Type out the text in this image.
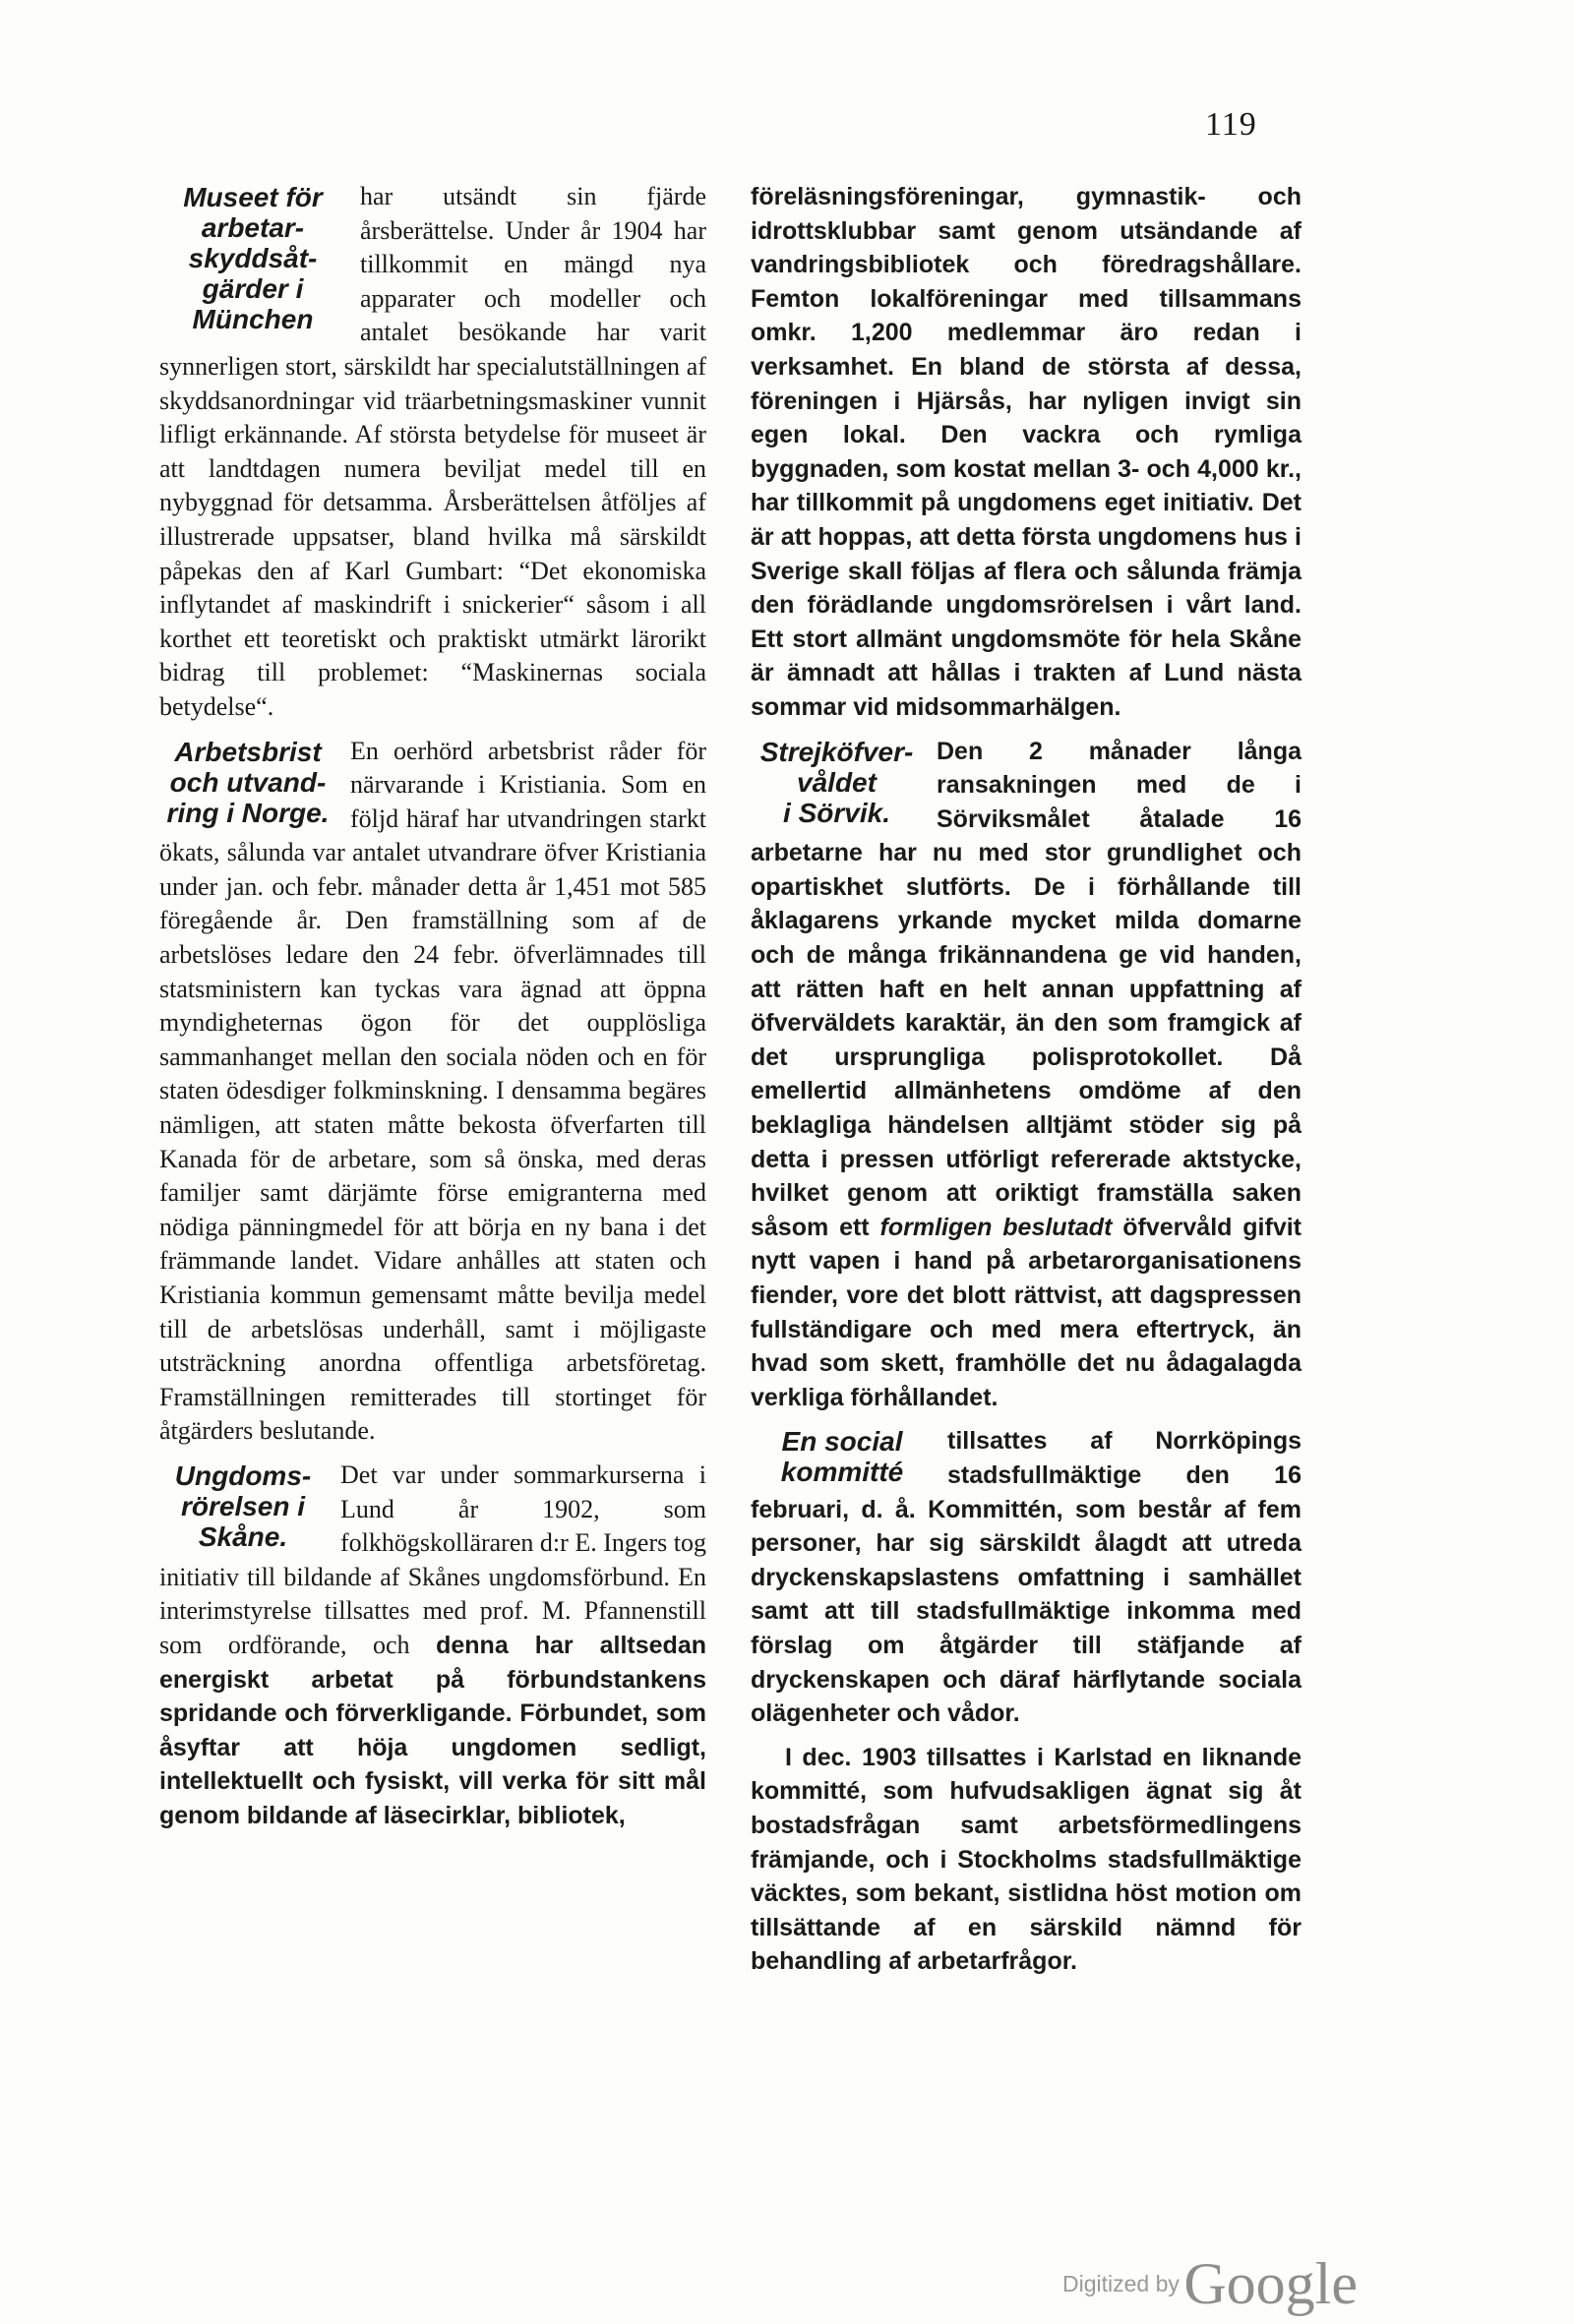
119
Museet för
arbetar-
skyddsåt-
gärder i
München
har utsändt sin fjärde årsberättelse. Under år 1904 har tillkommit en mängd nya apparater och modeller och antalet besökande har varit synnerligen stort, särskildt har specialutställningen af skyddsanordningar vid träarbetningsmaskiner vunnit lifligt erkännande. Af största betydelse för museet är att landtdagen numera beviljat medel till en nybyggnad för detsamma. Årsberättelsen åtföljes af illustrerade uppsatser, bland hvilka må särskildt påpekas den af Karl Gumbart: “Det ekonomiska inflytandet af maskindrift i snickerier“ såsom i all korthet ett teoretiskt och praktiskt utmärkt lärorikt bidrag till problemet: “Maskinernas sociala betydelse“.
Arbetsbrist
och utvand-
ring i Norge.
En oerhörd arbetsbrist råder för närvarande i Kristiania. Som en följd häraf har utvandringen starkt ökats, sålunda var antalet utvandrare öfver Kristiania under jan. och febr. månader detta år 1,451 mot 585 föregående år. Den framställning som af de arbetslöses ledare den 24 febr. öfverlämnades till statsministern kan tyckas vara ägnad att öppna myndigheternas ögon för det oupplösliga sammanhanget mellan den sociala nöden och en för staten ödesdiger folkminskning. I densamma begäres nämligen, att staten måtte bekosta öfverfarten till Kanada för de arbetare, som så önska, med deras familjer samt därjämte förse emigranterna med nödiga pänningmedel för att börja en ny bana i det främmande landet. Vidare anhålles att staten och Kristiania kommun gemensamt måtte bevilja medel till de arbetslösas underhåll, samt i möjligaste utsträckning anordna offentliga arbetsföretag. Framställningen remitterades till stortinget för åtgärders beslutande.
Ungdoms-
rörelsen i
Skåne.
Det var under sommarkurserna i Lund år 1902, som folkhögskolläraren d:r E. Ingers tog initiativ till bildande af Skånes ungdomsförbund. En interimstyrelse tillsattes med prof. M. Pfannenstill som ordförande, och denna har alltsedan energiskt arbetat på förbundstankens spridande och förverkligande. Förbundet, som åsyftar att höja ungdomen sedligt, intellektuellt och fysiskt, vill verka för sitt mål genom bildande af läsecirklar, bibliotek,

föreläsningsföreningar, gymnastik- och idrottsklubbar samt genom utsändande af vandringsbibliotek och föredragshållare. Femton lokalföreningar med tillsammans omkr. 1,200 medlemmar äro redan i verksamhet. En bland de största af dessa, föreningen i Hjärsås, har nyligen invigt sin egen lokal. Den vackra och rymliga byggnaden, som kostat mellan 3- och 4,000 kr., har tillkommit på ungdomens eget initiativ. Det är att hoppas, att detta första ungdomens hus i Sverige skall följas af flera och sålunda främja den förädlande ungdomsrörelsen i vårt land. Ett stort allmänt ungdomsmöte för hela Skåne är ämnadt att hållas i trakten af Lund nästa sommar vid midsommarhälgen.

Strejköfver-
våldet
i Sörvik.
Den 2 månader långa ransakningen med de i Sörviksmålet åtalade 16 arbetarne har nu med stor grundlighet och opartiskhet slutförts. De i förhållande till åklagarens yrkande mycket milda domarne och de många frikännandena ge vid handen, att rätten haft en helt annan uppfattning af öfverväldets karaktär, än den som framgick af det ursprungliga polisprotokollet. Då emellertid allmänhetens omdöme af den beklagliga händelsen alltjämt stöder sig på detta i pressen utförligt refererade aktstycke, hvilket genom att oriktigt framställa saken såsom ett formligen beslutadt öfvervåld gifvit nytt vapen i hand på arbetarorganisationens fiender, vore det blott rättvist, att dagspressen fullständigare och med mera eftertryck, än hvad som skett, framhölle det nu ådagalagda verkliga förhållandet.
En social
kommitté
tillsattes af Norrköpings stadsfullmäktige den 16 februari, d. å. Kommittén, som består af fem personer, har sig särskildt ålagdt att utreda dryckenskapslastens omfattning i samhället samt att till stadsfullmäktige inkomma med förslag om åtgärder till stäfjande af dryckenskapen och däraf härflytande sociala olägenheter och vådor.

I dec. 1903 tillsattes i Karlstad en liknande kommitté, som hufvudsakligen ägnat sig åt bostadsfrågan samt arbetsförmedlingens främjande, och i Stockholms stadsfullmäktige väcktes, som bekant, sistlidna höst motion om tillsättande af en särskild nämnd för behandling af arbetarfrågor.

Digitized by Google
